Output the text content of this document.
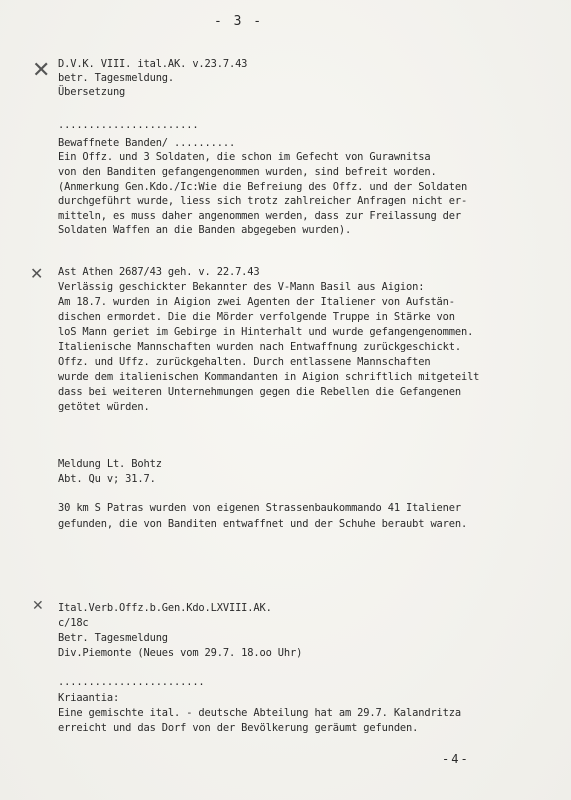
- 3 -
✕
✕
✕
D.V.K. VIII. ital.AK. v.23.7.43
betr. Tagesmeldung.
Übersetzung
.......................
Bewaffnete Banden/ ..........
Ein Offz. und 3 Soldaten, die schon im Gefecht von Gurawnitsa
von den Banditen gefangengenommen wurden, sind befreit worden.
(Anmerkung Gen.Kdo./Ic:Wie die Befreiung des Offz. und der Soldaten
durchgeführt wurde, liess sich trotz zahlreicher Anfragen nicht er-
mitteln, es muss daher angenommen werden, dass zur Freilassung der
Soldaten Waffen an die Banden abgegeben wurden).
Ast Athen 2687/43 geh. v. 22.7.43
Verlässig geschickter Bekannter des V-Mann Basil aus Aigion:
Am 18.7. wurden in Aigion zwei Agenten der Italiener von Aufstän-
dischen ermordet. Die die Mörder verfolgende Truppe in Stärke von
loS Mann geriet im Gebirge in Hinterhalt und wurde gefangengenommen.
Italienische Mannschaften wurden nach Entwaffnung zurückgeschickt.
Offz. und Uffz. zurückgehalten. Durch entlassene Mannschaften
wurde dem italienischen Kommandanten in Aigion schriftlich mitgeteilt
dass bei weiteren Unternehmungen gegen die Rebellen die Gefangenen
getötet würden.
Meldung Lt. Bohtz
Abt. Qu v; 31.7.
30 km S Patras wurden von eigenen Strassenbaukommando 41 Italiener
gefunden, die von Banditen entwaffnet und der Schuhe beraubt waren.
Ital.Verb.Offz.b.Gen.Kdo.LXVIII.AK.
c/18c
Betr. Tagesmeldung
Div.Piemonte (Neues vom 29.7. 18.oo Uhr)
........................
Kriaantia:
Eine gemischte ital. - deutsche Abteilung hat am 29.7. Kalandritza
erreicht und das Dorf von der Bevölkerung geräumt gefunden.
-4-
